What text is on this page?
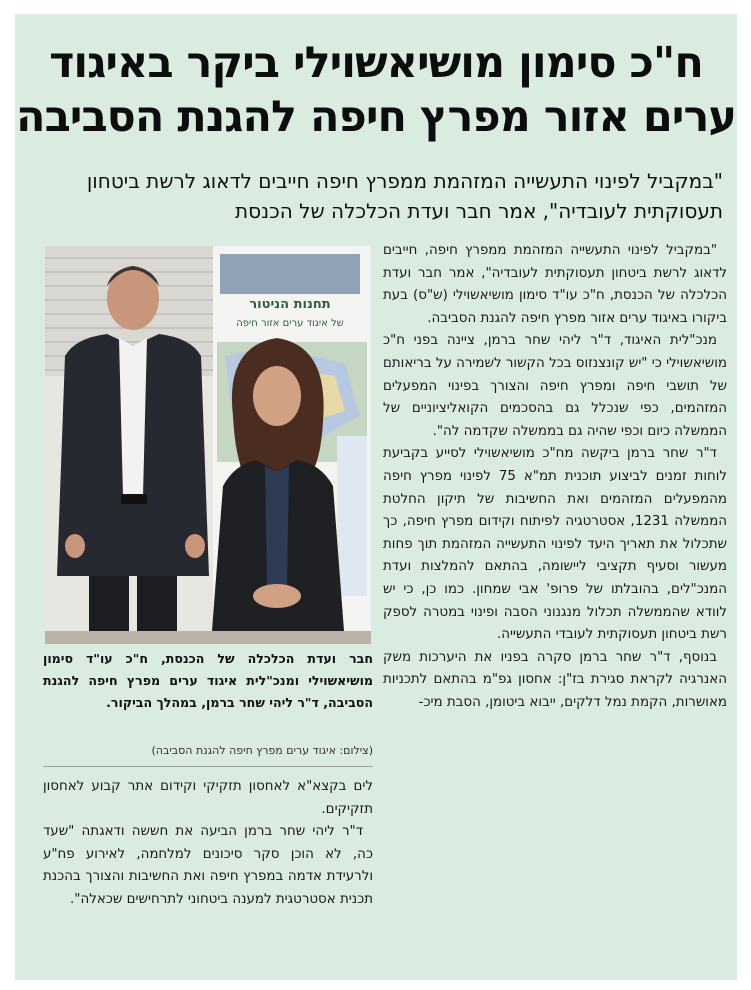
ח"כ סימון מושיאשוילי ביקר באיגוד
ערים אזור מפרץ חיפה להגנת הסביבה

"במקביל לפינוי התעשייה המזהמת ממפרץ חיפה חייבים לדאוג לרשת ביטחון תעסוקתית לעובדיה", אמר חבר ועדת הכלכלה של הכנסת

"במקביל לפינוי התעשייה המזהמת ממפרץ חיפה, חייבים לדאוג לרשת ביטחון תעסוקתית לעובדיה", אמר חבר ועדת הכלכלה של הכנסת, ח"כ עו"ד סימון מושיאשוילי (ש"ס) בעת ביקורו באיגוד ערים אזור מפרץ חיפה להגנת הסביבה.

מנכ"לית האיגוד, ד"ר ליהי שחר ברמן, ציינה בפני ח"כ מושיאשוילי כי "יש קונצנזוס בכל הקשור לשמירה על בריאותם של תושבי חיפה ומפרץ חיפה והצורך בפינוי המפעלים המזהמים, כפי שנכלל גם בהסכמים הקואליציוניים של הממשלה כיום וכפי שהיה גם בממשלה שקדמה לה".

ד"ר שחר ברמן ביקשה מח"כ מושיאשוילי לסייע בקביעת לוחות זמנים לביצוע תוכנית תמ"א 75 לפינוי מפרץ חיפה מהמפעלים המזהמים ואת החשיבות של תיקון החלטת הממשלה 1231, אסטרטגיה לפיתוח וקידום מפרץ חיפה, כך שתכלול את תאריך היעד לפינוי התעשייה המזהמת תוך פחות מעשור וסעיף תקציבי ליישומה, בהתאם להמלצות ועדת המנכ"לים, בהובלתו של פרופ' אבי שמחון. כמו כן, כי יש לוודא שהממשלה תכלול מנגנוני הסבה ופינוי במטרה לספק רשת ביטחון תעסוקתית לעובדי התעשייה.

בנוסף, ד"ר שחר ברמן סקרה בפניו את היערכות משק האנרגיה לקראת סגירת בז"ן: אחסון גפ"מ בהתאם לתכניות מאושרות, הקמת נמל דלקים, ייבוא ביטומן, הסבת מיכ-

תחנות הניטור
של איגוד ערים אזור חיפה
חבר ועדת הכלכלה של הכנסת, ח"כ עו"ד סימון מושיאשוילי ומנכ"לית איגוד ערים מפרץ חיפה להגנת הסביבה, ד"ר ליהי שחר ברמן, במהלך הביקור.
(צילום: איגוד ערים מפרץ חיפה להגנת הסביבה)

לים בקצא"א לאחסון תזקיקי וקידום אתר קבוע לאחסון תזקיקים.

ד"ר ליהי שחר ברמן הביעה את חששה ודאגתה "שעד כה, לא הוכן סקר סיכונים למלחמה, לאירוע פח"ע ולרעידת אדמה במפרץ חיפה ואת החשיבות והצורך בהכנת תכנית אסטרטגית למענה ביטחוני לתרחישים שכאלה".
